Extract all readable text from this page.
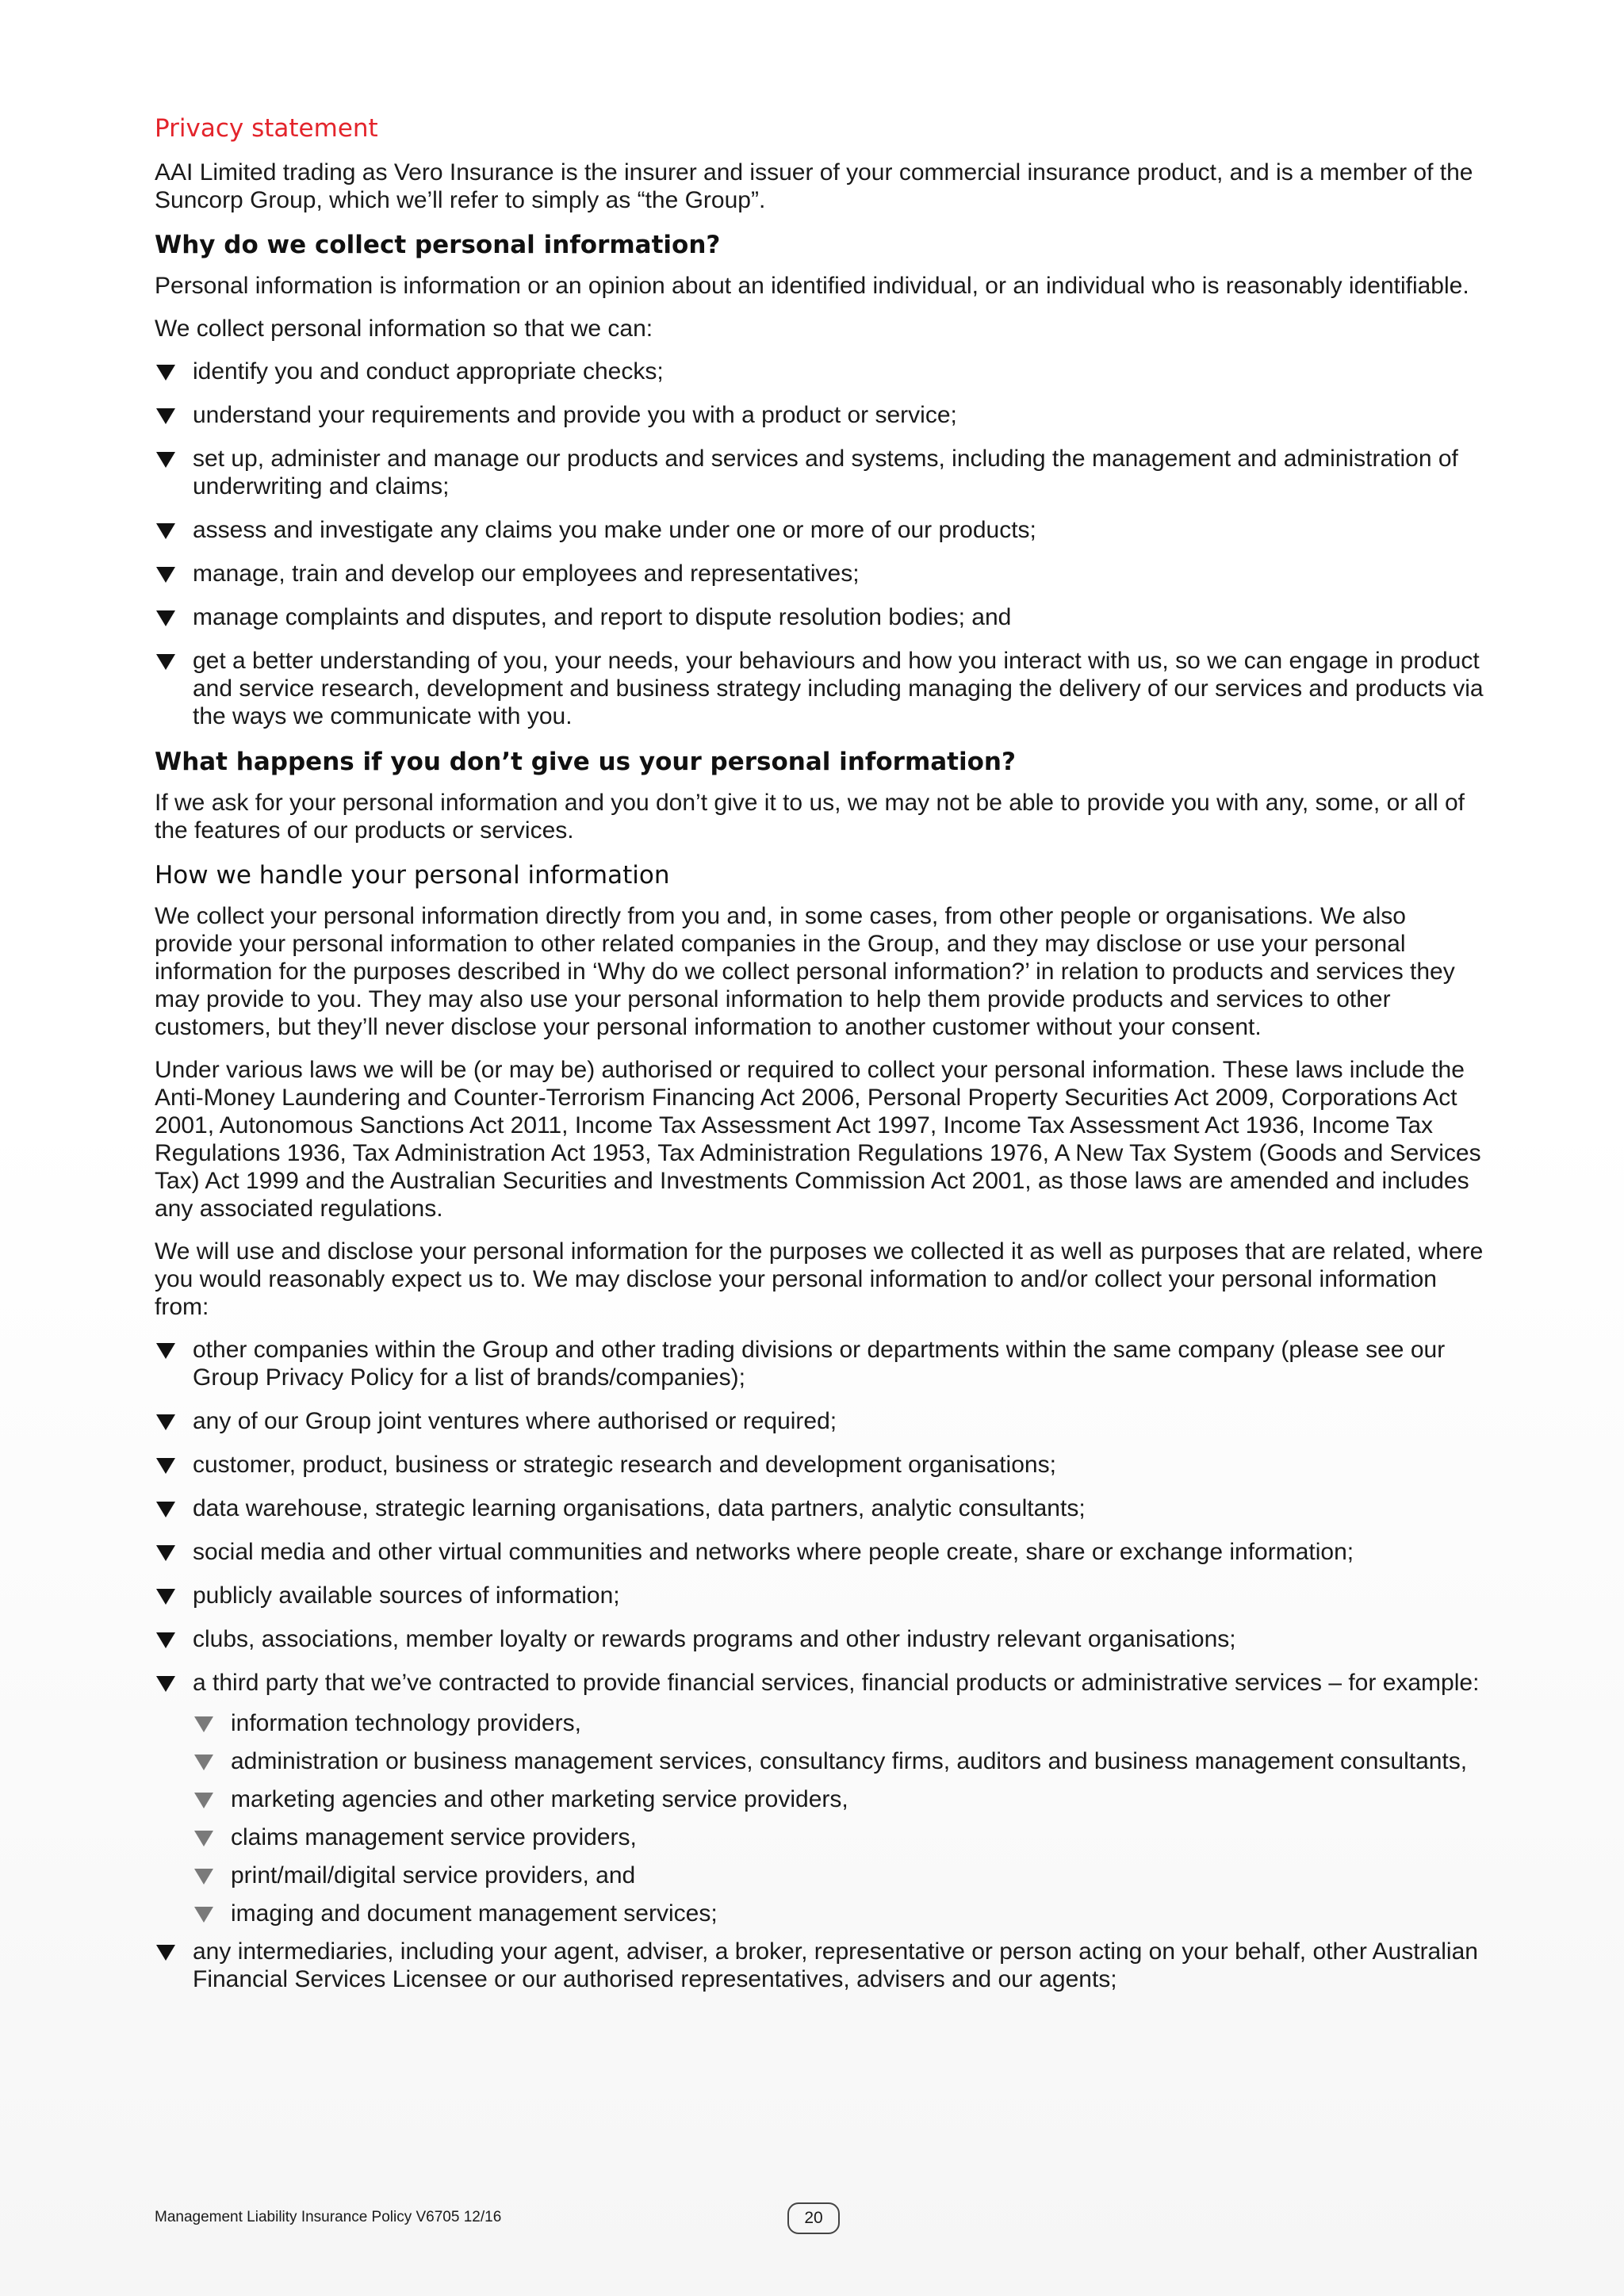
Privacy statement

AAI Limited trading as Vero Insurance is the insurer and issuer of your commercial insurance product, and is a member of the Suncorp Group, which we’ll refer to simply as “the Group”.

Why do we collect personal information?

Personal information is information or an opinion about an identified individual, or an individual who is reasonably identifiable.

We collect personal information so that we can:

identify you and conduct appropriate checks;
understand your requirements and provide you with a product or service;
set up, administer and manage our products and services and systems, including the management and administration of underwriting and claims;
assess and investigate any claims you make under one or more of our products;
manage, train and develop our employees and representatives;
manage complaints and disputes, and report to dispute resolution bodies; and
get a better understanding of you, your needs, your behaviours and how you interact with us, so we can engage in product and service research, development and business strategy including managing the delivery of our services and products via the ways we communicate with you.
What happens if you don’t give us your personal information?

If we ask for your personal information and you don’t give it to us, we may not be able to provide you with any, some, or all of the features of our products or services.

How we handle your personal information

We collect your personal information directly from you and, in some cases, from other people or organisations. We also provide your personal information to other related companies in the Group, and they may disclose or use your personal information for the purposes described in ‘Why do we collect personal information?’ in relation to products and services they may provide to you. They may also use your personal information to help them provide products and services to other customers, but they’ll never disclose your personal information to another customer without your consent.

Under various laws we will be (or may be) authorised or required to collect your personal information. These laws include the Anti-Money Laundering and Counter-Terrorism Financing Act 2006, Personal Property Securities Act 2009, Corporations Act 2001, Autonomous Sanctions Act 2011, Income Tax Assessment Act 1997, Income Tax Assessment Act 1936, Income Tax Regulations 1936, Tax Administration Act 1953, Tax Administration Regulations 1976, A New Tax System (Goods and Services Tax) Act 1999 and the Australian Securities and Investments Commission Act 2001, as those laws are amended and includes any associated regulations.

We will use and disclose your personal information for the purposes we collected it as well as purposes that are related, where you would reasonably expect us to. We may disclose your personal information to and/or collect your personal information from:

other companies within the Group and other trading divisions or departments within the same company (please see our Group Privacy Policy for a list of brands/companies);
any of our Group joint ventures where authorised or required;
customer, product, business or strategic research and development organisations;
data warehouse, strategic learning organisations, data partners, analytic consultants;
social media and other virtual communities and networks where people create, share or exchange information;
publicly available sources of information;
clubs, associations, member loyalty or rewards programs and other industry relevant organisations;
a third party that we’ve contracted to provide financial services, financial products or administrative services – for example:
information technology providers,
administration or business management services, consultancy firms, auditors and business management consultants,
marketing agencies and other marketing service providers,
claims management service providers,
print/mail/digital service providers, and
imaging and document management services;
any intermediaries, including your agent, adviser, a broker, representative or person acting on your behalf, other Australian Financial Services Licensee or our authorised representatives, advisers and our agents;
Management Liability Insurance Policy V6705 12/16	20
